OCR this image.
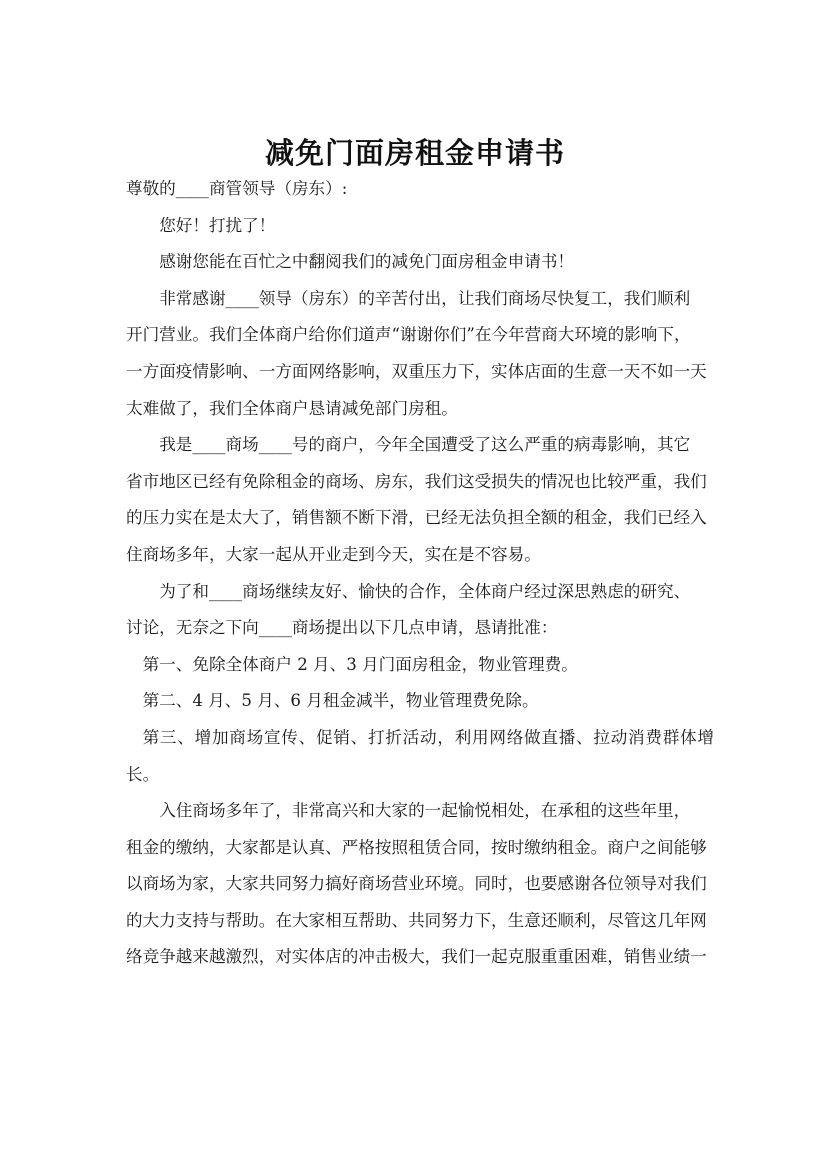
减免门面房租金申请书

尊敬的____商管领导（房东）:

您好！打扰了！

感谢您能在百忙之中翻阅我们的减免门面房租金申请书！

非常感谢____领导（房东）的辛苦付出，让我们商场尽快复工，我们顺利

开门营业。我们全体商户给你们道声“谢谢你们”在今年营商大环境的影响下，
一方面疫情影响、一方面网络影响，双重压力下，实体店面的生意一天不如一天
太难做了，我们全体商户恳请减免部门房租。

我是____商场____号的商户，今年全国遭受了这么严重的病毒影响，其它

省市地区已经有免除租金的商场、房东，我们这受损失的情况也比较严重，我们
的压力实在是太大了，销售额不断下滑，已经无法负担全额的租金，我们已经入
住商场多年，大家一起从开业走到今天，实在是不容易。

为了和____商场继续友好、愉快的合作，全体商户经过深思熟虑的研究、

讨论，无奈之下向____商场提出以下几点申请，恳请批准：

第一、免除全体商户 2 月、3 月门面房租金，物业管理费。

第二、4 月、5 月、6 月租金减半，物业管理费免除。

第三、增加商场宣传、促销、打折活动，利用网络做直播、拉动消费群体增长。

入住商场多年了，非常高兴和大家的一起愉悦相处，在承租的这些年里，

租金的缴纳，大家都是认真、严格按照租赁合同，按时缴纳租金。商户之间能够
以商场为家，大家共同努力搞好商场营业环境。同时，也要感谢各位领导对我们
的大力支持与帮助。在大家相互帮助、共同努力下，生意还顺利，尽管这几年网
络竞争越来越激烈，对实体店的冲击极大，我们一起克服重重困难，销售业绩一
